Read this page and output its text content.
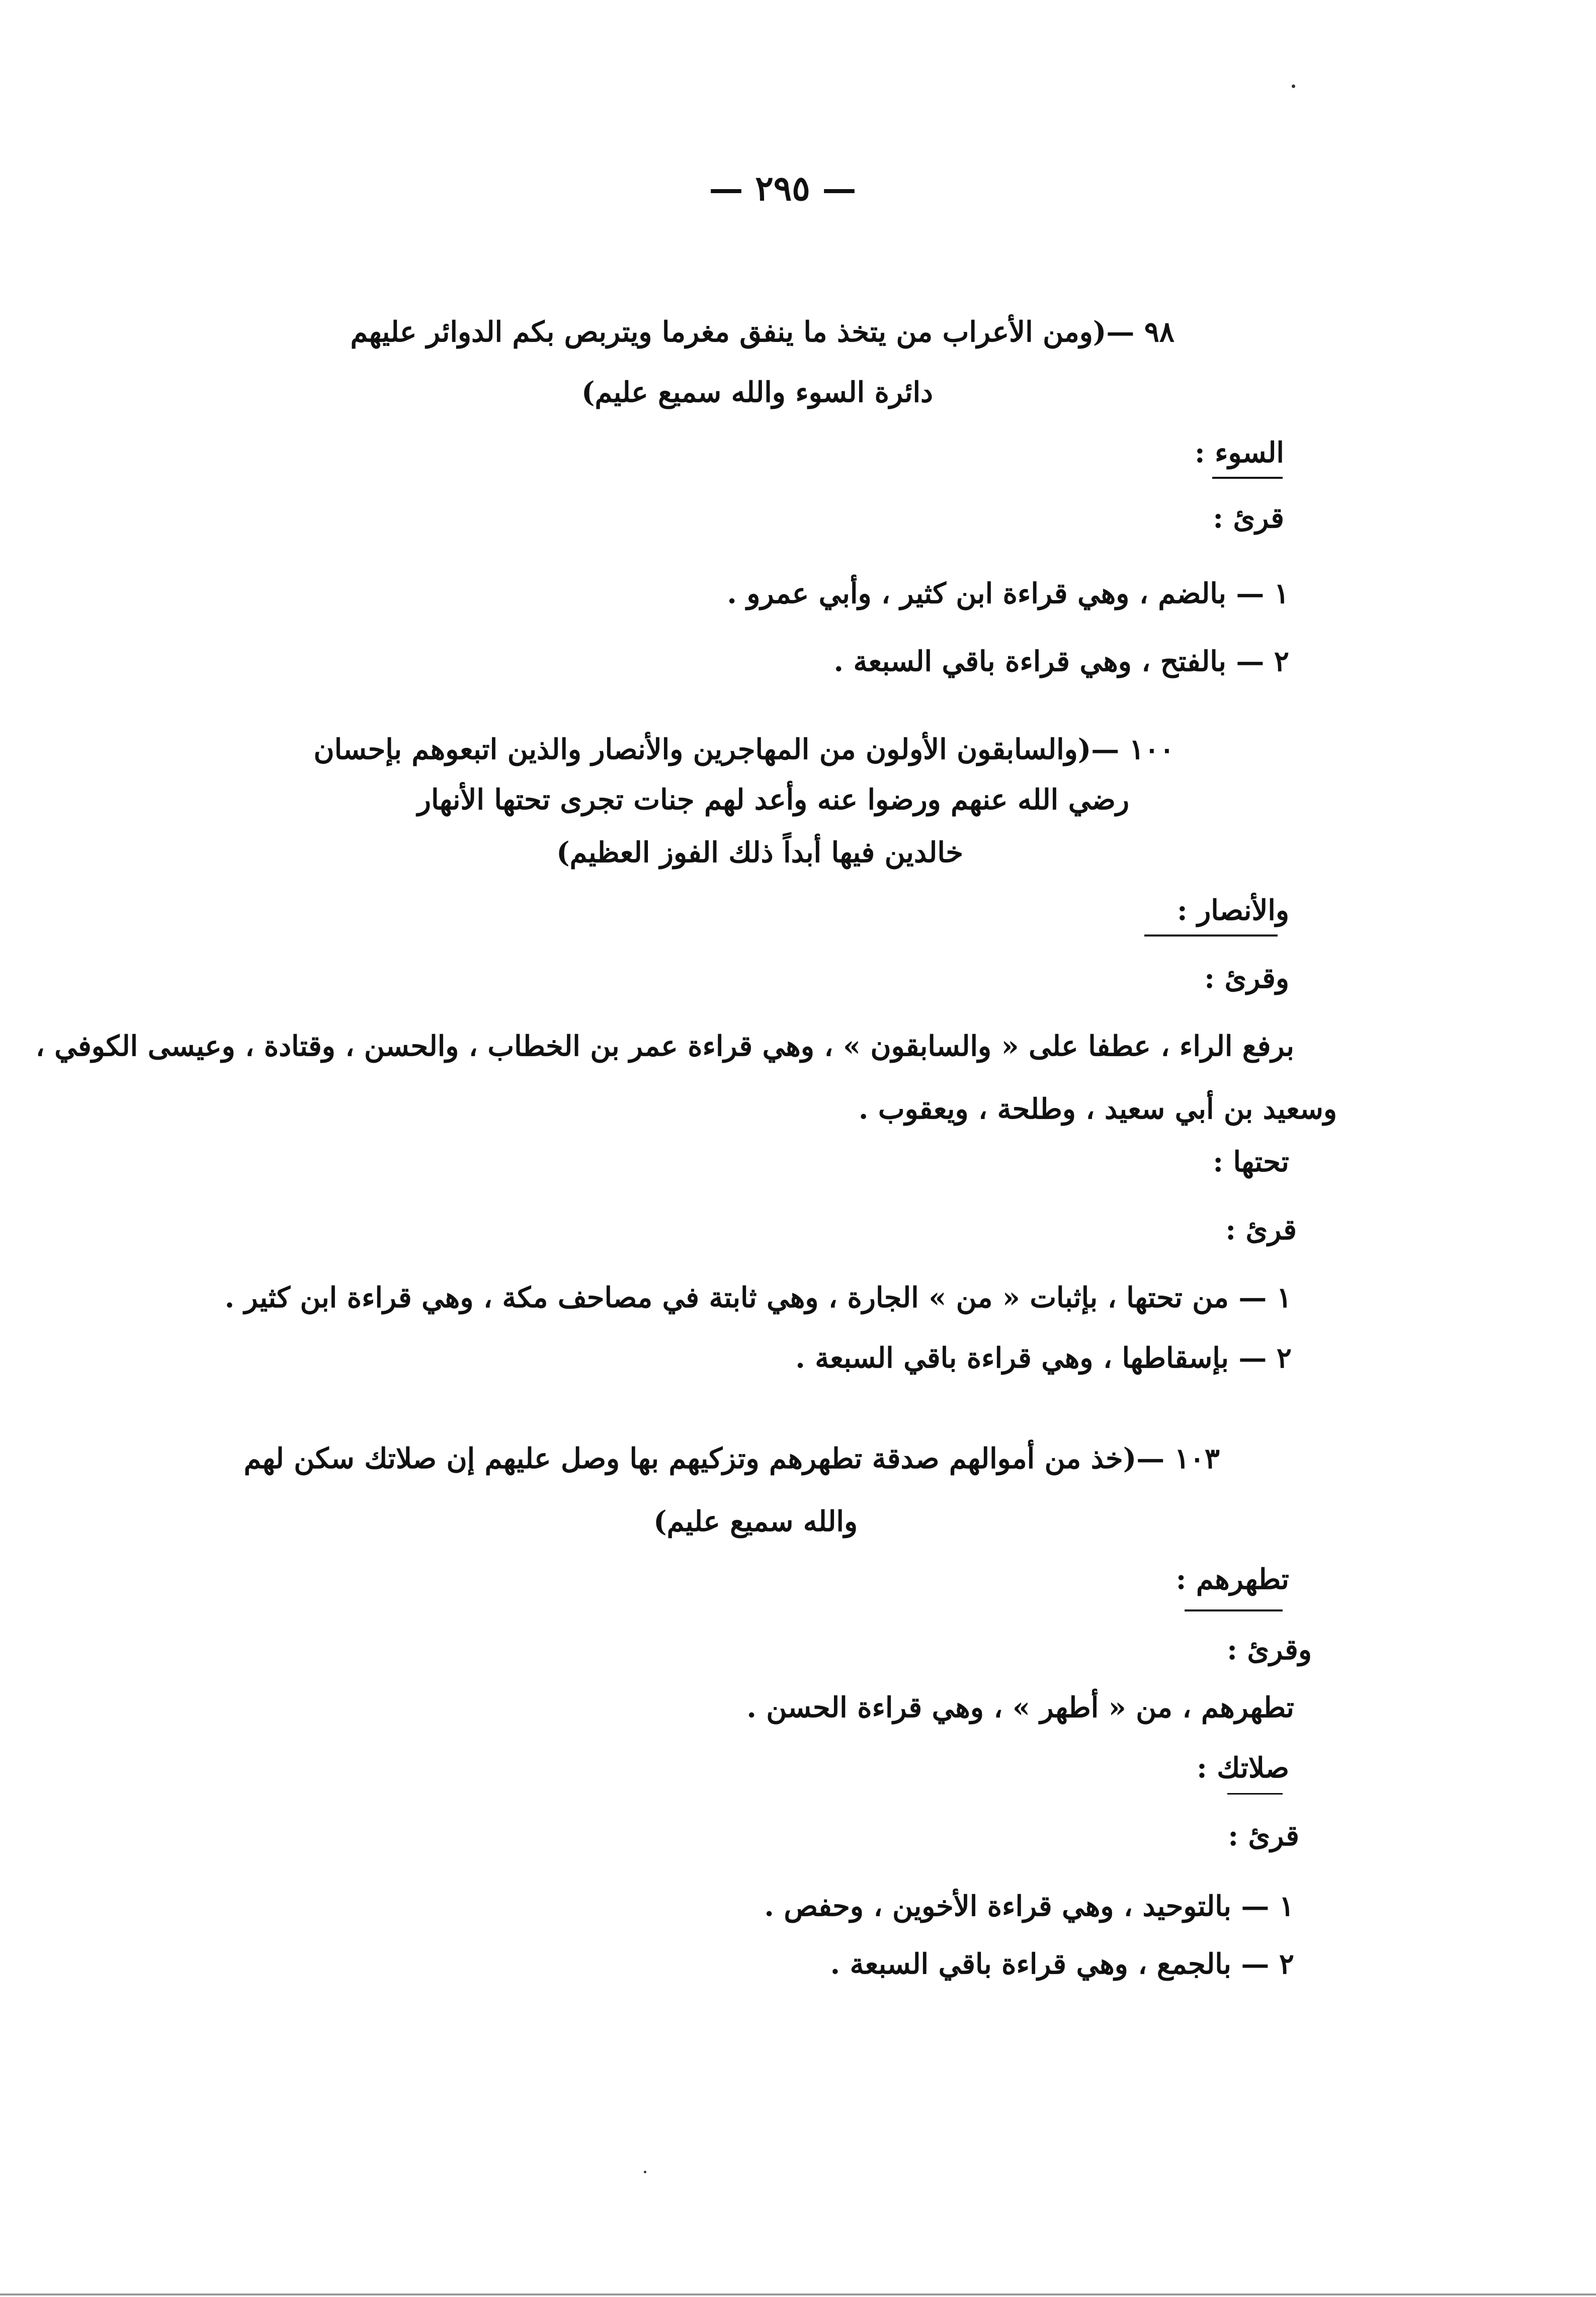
— ٢٩٥ —
٩٨ —(ومن الأعراب من يتخذ ما ينفق مغرما ويتربص بكم الدوائر عليهم
دائرة السوء والله سميع عليم)
السوء :
قرئ :
١ — بالضم ، وهي قراءة ابن كثير ، وأبي عمرو .
٢ — بالفتح ، وهي قراءة باقي السبعة .
١٠٠ —(والسابقون الأولون من المهاجرين والأنصار والذين اتبعوهم بإحسان
رضي الله عنهم ورضوا عنه وأعد لهم جنات تجرى تحتها الأنهار
خالدين فيها أبداً ذلك الفوز العظيم)
والأنصار :
وقرئ :
برفع الراء ، عطفا على « والسابقون » ، وهي قراءة عمر بن الخطاب ، والحسن ، وقتادة ، وعيسى الكوفي ،
وسعيد بن أبي سعيد ، وطلحة ، ويعقوب .
تحتها :
قرئ :
١ — من تحتها ، بإثبات « من » الجارة ، وهي ثابتة في مصاحف مكة ، وهي قراءة ابن كثير .
٢ — بإسقاطها ، وهي قراءة باقي السبعة .
١٠٣ —(خذ من أموالهم صدقة تطهرهم وتزكيهم بها وصل عليهم إن صلاتك سكن لهم
والله سميع عليم)
تطهرهم :
وقرئ :
تطهرهم ، من « أطهر » ، وهي قراءة الحسن .
صلاتك :
قرئ :
١ — بالتوحيد ، وهي قراءة الأخوين ، وحفص .
٢ — بالجمع ، وهي قراءة باقي السبعة .
